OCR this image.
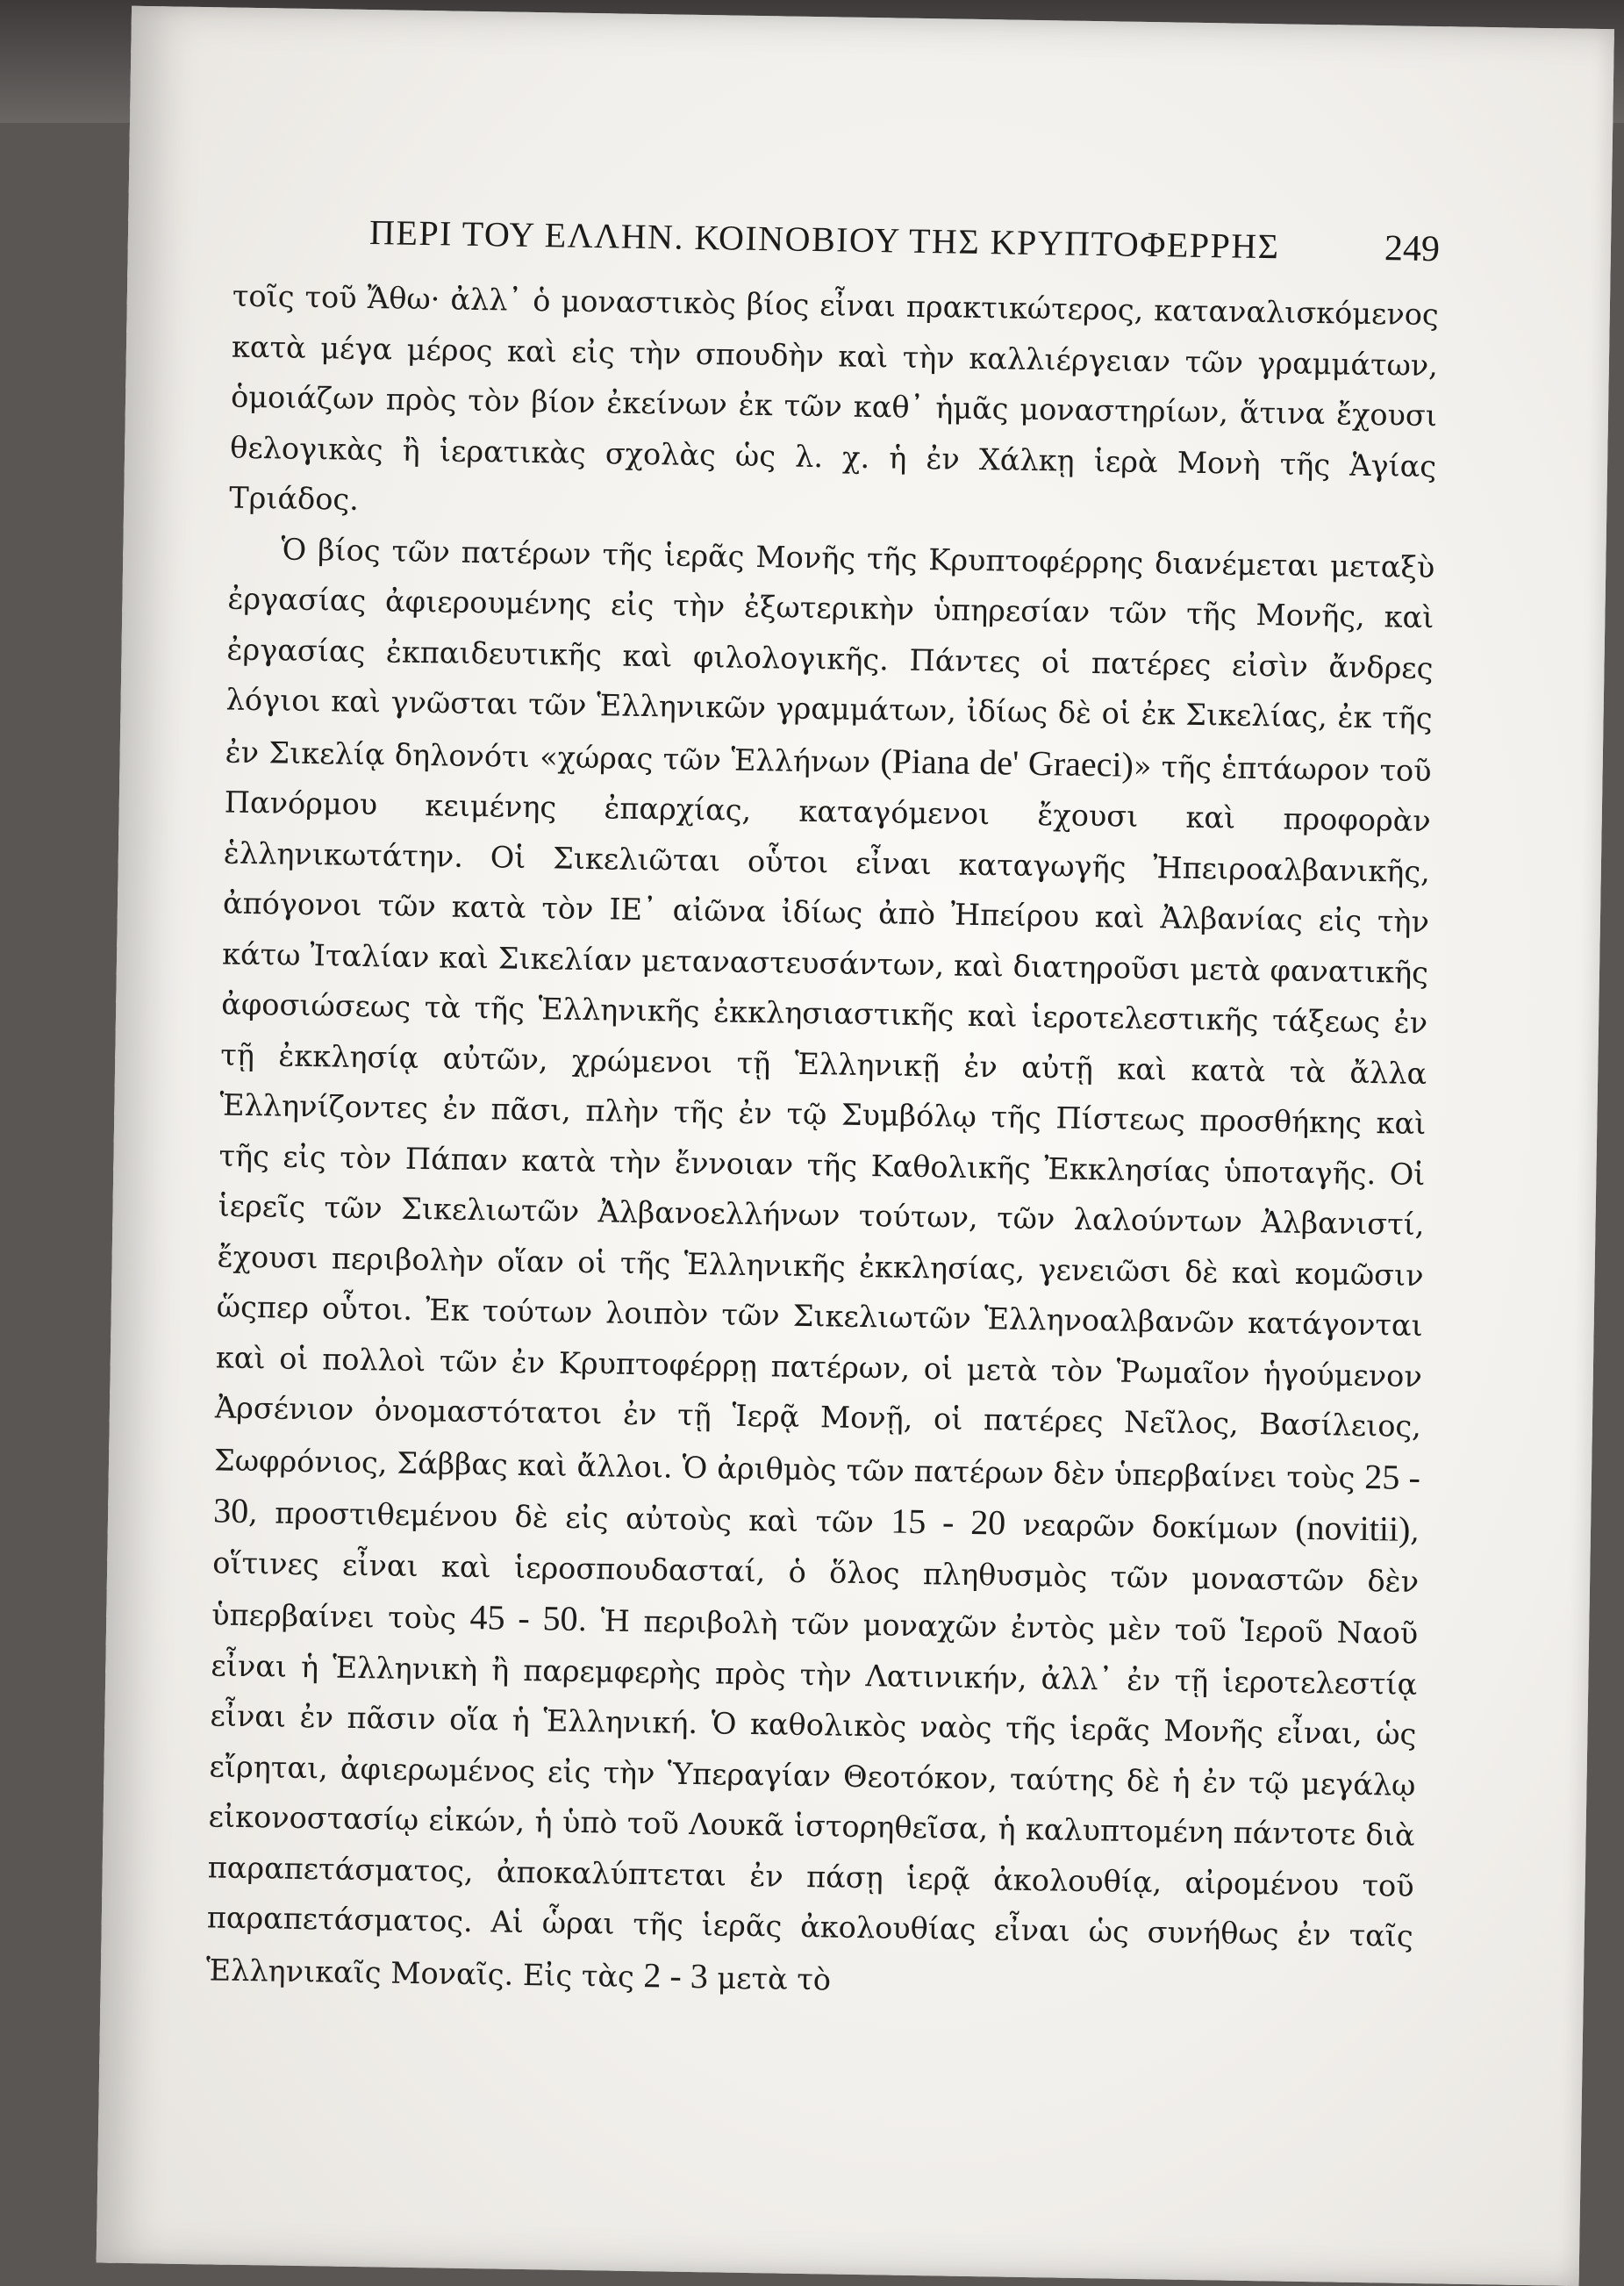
ΠΕΡΙ ΤΟΥ ΕΛΛΗΝ. ΚΟΙΝΟΒΙΟΥ ΤΗΣ ΚΡΥΠΤΟΦΕΡΡΗΣ	249

τοῖς τοῦ Ἄθω· ἀλλ᾽ ὁ μοναστικὸς βίος εἶναι πρακτικώτερος, καταναλισκόμενος κατὰ μέγα μέρος καὶ εἰς τὴν σπουδὴν καὶ τὴν καλλιέργειαν τῶν γραμμάτων, ὁμοιάζων πρὸς τὸν βίον ἐκείνων ἐκ τῶν καθ᾽ ἡμᾶς μοναστηρίων, ἅτινα ἔχουσι θελογικὰς ἢ ἱερατικὰς σχολὰς ὡς λ. χ. ἡ ἐν Χάλκῃ ἱερὰ Μονὴ τῆς Ἁγίας Τριάδος.

Ὁ βίος τῶν πατέρων τῆς ἱερᾶς Μονῆς τῆς Κρυπτοφέρρης διανέμεται μεταξὺ ἐργασίας ἀφιερουμένης εἰς τὴν ἐξωτερικὴν ὑπηρεσίαν τῶν τῆς Μονῆς, καὶ ἐργασίας ἐκπαιδευτικῆς καὶ φιλολογικῆς. Πάντες οἱ πατέρες εἰσὶν ἄνδρες λόγιοι καὶ γνῶσται τῶν Ἑλληνικῶν γραμμάτων, ἰδίως δὲ οἱ ἐκ Σικελίας, ἐκ τῆς ἐν Σικελίᾳ δηλονότι «χώρας τῶν Ἑλλήνων (Piana de' Graeci)» τῆς ἑπτάωρον τοῦ Πανόρμου κειμένης ἐπαρχίας, καταγόμενοι ἔχουσι καὶ προφορὰν ἑλληνικωτάτην. Οἱ Σικελιῶται οὗτοι εἶναι καταγωγῆς Ἠπειροαλβανικῆς, ἀπόγονοι τῶν κατὰ τὸν ΙΕ᾽ αἰῶνα ἰδίως ἀπὸ Ἠπείρου καὶ Ἀλβανίας εἰς τὴν κάτω Ἰταλίαν καὶ Σικελίαν μεταναστευσάντων, καὶ διατηροῦσι μετὰ φανατικῆς ἀφοσιώσεως τὰ τῆς Ἑλληνικῆς ἐκκλησιαστικῆς καὶ ἱεροτελεστικῆς τάξεως ἐν τῇ ἐκκλησίᾳ αὐτῶν, χρώμενοι τῇ Ἑλληνικῇ ἐν αὐτῇ καὶ κατὰ τὰ ἄλλα Ἑλληνίζοντες ἐν πᾶσι, πλὴν τῆς ἐν τῷ Συμβόλῳ τῆς Πίστεως προσθήκης καὶ τῆς εἰς τὸν Πάπαν κατὰ τὴν ἔννοιαν τῆς Καθολικῆς Ἐκκλησίας ὑποταγῆς. Οἱ ἱερεῖς τῶν Σικελιωτῶν Ἀλβανοελλήνων τούτων, τῶν λαλούντων Ἀλβανιστί, ἔχουσι περιβολὴν οἵαν οἱ τῆς Ἑλληνικῆς ἐκκλησίας, γενειῶσι δὲ καὶ κομῶσιν ὥςπερ οὗτοι. Ἐκ τούτων λοιπὸν τῶν Σικελιωτῶν Ἑλληνοαλβανῶν κατάγονται καὶ οἱ πολλοὶ τῶν ἐν Κρυπτοφέρρῃ πατέρων, οἱ μετὰ τὸν Ῥωμαῖον ἡγούμενον Ἀρσένιον ὀνομαστότατοι ἐν τῇ Ἱερᾷ Μονῇ, οἱ πατέρες Νεῖλος, Βασίλειος, Σωφρόνιος, Σάββας καὶ ἄλλοι. Ὁ ἀριθμὸς τῶν πατέρων δὲν ὑπερβαίνει τοὺς 25 - 30, προστιθεμένου δὲ εἰς αὐτοὺς καὶ τῶν 15 - 20 νεαρῶν δοκίμων (novitii), οἵτινες εἶναι καὶ ἱεροσπουδασταί, ὁ ὅλος πληθυσμὸς τῶν μοναστῶν δὲν ὑπερβαίνει τοὺς 45 - 50. Ἡ περιβολὴ τῶν μοναχῶν ἐντὸς μὲν τοῦ Ἱεροῦ Ναοῦ εἶναι ἡ Ἑλληνικὴ ἢ παρεμφερὴς πρὸς τὴν Λατινικήν, ἀλλ᾽ ἐν τῇ ἱεροτελεστίᾳ εἶναι ἐν πᾶσιν οἵα ἡ Ἑλληνική. Ὁ καθολικὸς ναὸς τῆς ἱερᾶς Μονῆς εἶναι, ὡς εἴρηται, ἀφιερωμένος εἰς τὴν Ὑπεραγίαν Θεοτόκον, ταύτης δὲ ἡ ἐν τῷ μεγάλῳ εἰκονοστασίῳ εἰκών, ἡ ὑπὸ τοῦ Λουκᾶ ἱστορηθεῖσα, ἡ καλυπτομένη πάντοτε διὰ παραπετάσματος, ἀποκαλύπτεται ἐν πάσῃ ἱερᾷ ἀκολουθίᾳ, αἰρομένου τοῦ παραπετάσματος. Αἱ ὧραι τῆς ἱερᾶς ἀκολουθίας εἶναι ὡς συνήθως ἐν ταῖς Ἑλληνικαῖς Μοναῖς. Εἰς τὰς 2 - 3 μετὰ τὸ
